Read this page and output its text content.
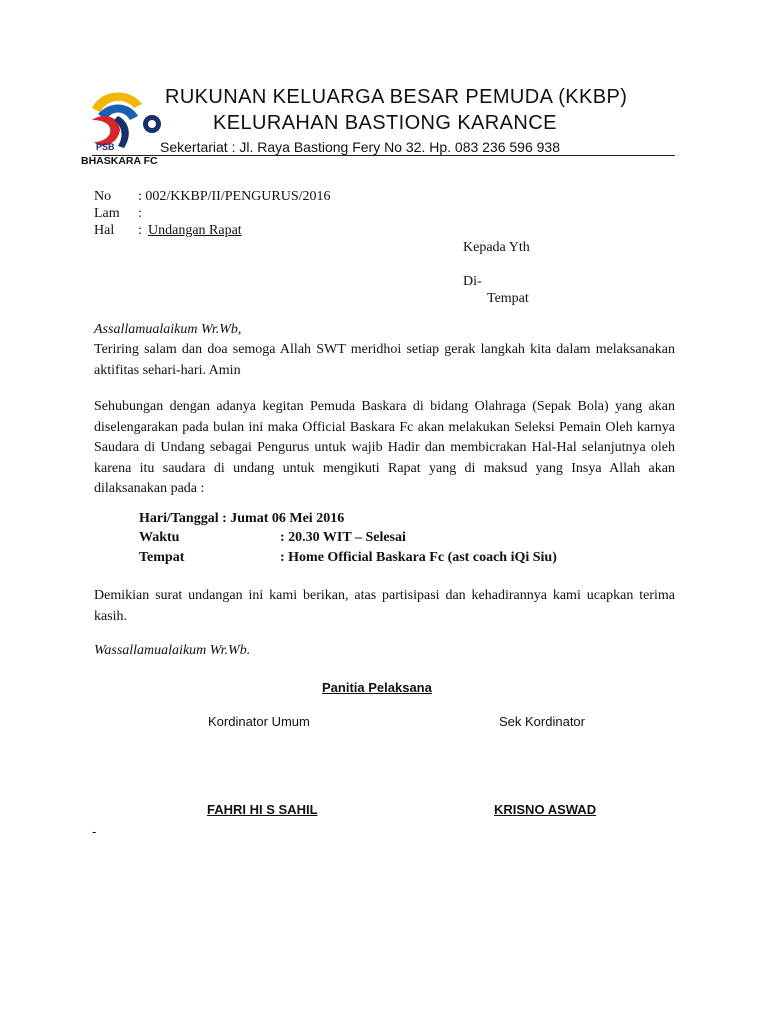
PSB
RUKUNAN KELUARGA BESAR PEMUDA (KKBP)
KELURAHAN BASTIONG KARANCE
Sekertariat : Jl. Raya Bastiong Fery No 32. Hp. 083 236 596 938
BHASKARA FC
No : 002/KKBP/II/PENGURUS/2016
Lam :
Hal : Undangan Rapat
Kepada Yth
Di-
Tempat
Assallamualaikum Wr.Wb,
Teriring salam dan doa semoga Allah SWT meridhoi setiap gerak langkah kita dalam melaksanakan aktifitas sehari-hari. Amin
Sehubungan dengan adanya kegitan Pemuda Baskara di bidang Olahraga (Sepak Bola) yang akan diselengarakan pada bulan ini maka Official Baskara Fc akan melakukan Seleksi Pemain Oleh karnya Saudara di Undang sebagai Pengurus untuk wajib Hadir dan membicrakan Hal-Hal selanjutnya oleh karena itu saudara di undang untuk mengikuti Rapat yang di maksud yang Insya Allah akan dilaksanakan pada :
Hari/Tanggal : Jumat 06 Mei 2016
Waktu	: 20.30 WIT – Selesai
Tempat	: Home Official Baskara Fc (ast coach iQi Siu)
Demikian surat undangan ini kami berikan, atas partisipasi dan kehadirannya kami ucapkan terima kasih.
Wassallamualaikum Wr.Wb.
Panitia Pelaksana
Kordinator Umum	Sek Kordinator
FAHRI HI S SAHIL	KRISNO ASWAD
-
